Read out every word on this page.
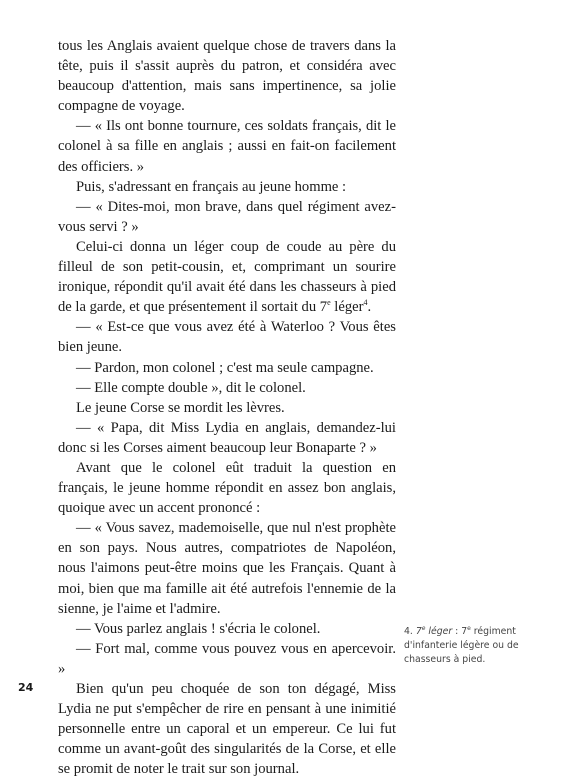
tous les Anglais avaient quelque chose de travers dans la tête, puis il s'assit auprès du patron, et considéra avec beaucoup d'attention, mais sans impertinence, sa jolie compagne de voyage.

— « Ils ont bonne tournure, ces soldats français, dit le colonel à sa fille en anglais ; aussi en fait-on facilement des officiers. »

Puis, s'adressant en français au jeune homme :

— « Dites-moi, mon brave, dans quel régiment avez-vous servi ? »

Celui-ci donna un léger coup de coude au père du filleul de son petit-cousin, et, comprimant un sourire ironique, répondit qu'il avait été dans les chasseurs à pied de la garde, et que présentement il sortait du 7e léger$^4$.

— « Est-ce que vous avez été à Waterloo ? Vous êtes bien jeune.

— Pardon, mon colonel ; c'est ma seule campagne.

— Elle compte double », dit le colonel.

Le jeune Corse se mordit les lèvres.

— « Papa, dit Miss Lydia en anglais, demandez-lui donc si les Corses aiment beaucoup leur Bonaparte ? »

Avant que le colonel eût traduit la question en français, le jeune homme répondit en assez bon anglais, quoique avec un accent prononcé :

— « Vous savez, mademoiselle, que nul n'est prophète en son pays. Nous autres, compatriotes de Napoléon, nous l'aimons peut-être moins que les Français. Quant à moi, bien que ma famille ait été autrefois l'ennemie de la sienne, je l'aime et l'admire.

— Vous parlez anglais ! s'écria le colonel.

— Fort mal, comme vous pouvez vous en apercevoir. »

Bien qu'un peu choquée de son ton dégagé, Miss Lydia ne put s'empêcher de rire en pensant à une inimitié personnelle entre un caporal et un empereur. Ce lui fut comme un avant-goût des singularités de la Corse, et elle se promit de noter le trait sur son journal.

4. 7e léger : 7e régiment d'infanterie légère ou de chasseurs à pied.
24
